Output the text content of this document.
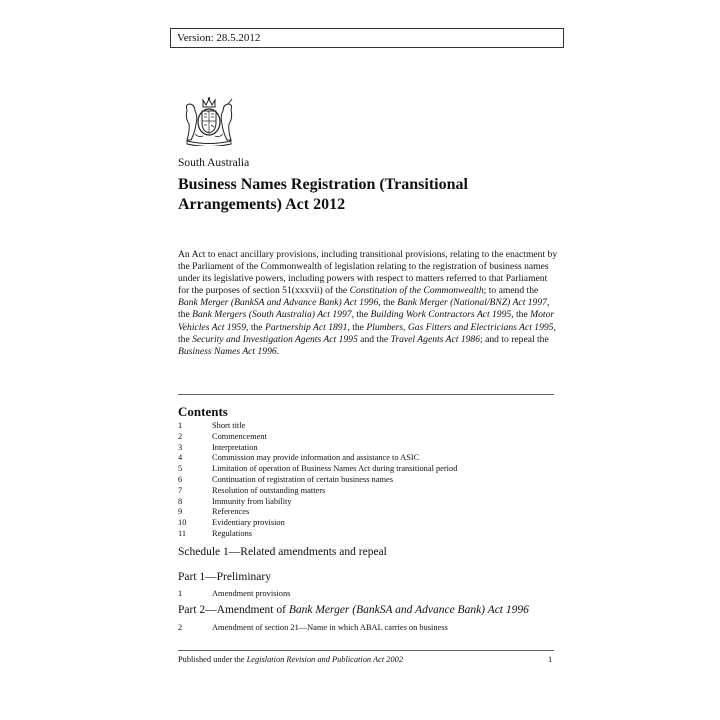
Version: 28.5.2012
South Australia
Business Names Registration (Transitional Arrangements) Act 2012

An Act to enact ancillary provisions, including transitional provisions, relating to the enactment by the Parliament of the Commonwealth of legislation relating to the registration of business names under its legislative powers, including powers with respect to matters referred to that Parliament for the purposes of section 51(xxxvii) of the Constitution of the Commonwealth; to amend the Bank Merger (BankSA and Advance Bank) Act 1996, the Bank Merger (National/BNZ) Act 1997, the Bank Mergers (South Australia) Act 1997, the Building Work Contractors Act 1995, the Motor Vehicles Act 1959, the Partnership Act 1891, the Plumbers, Gas Fitters and Electricians Act 1995, the Security and Investigation Agents Act 1995 and the Travel Agents Act 1986; and to repeal the Business Names Act 1996.

Contents
1	Short title
2	Commencement
3	Interpretation
4	Commission may provide information and assistance to ASIC
5	Limitation of operation of Business Names Act during transitional period
6	Continuation of registration of certain business names
7	Resolution of outstanding matters
8	Immunity from liability
9	References
10	Evidentiary provision
11	Regulations
Schedule 1—Related amendments and repeal
Part 1—Preliminary
1	Amendment provisions
Part 2—Amendment of Bank Merger (BankSA and Advance Bank) Act 1996
2	Amendment of section 21—Name in which ABAL carries on business
Published under the Legislation Revision and Publication Act 2002	1
